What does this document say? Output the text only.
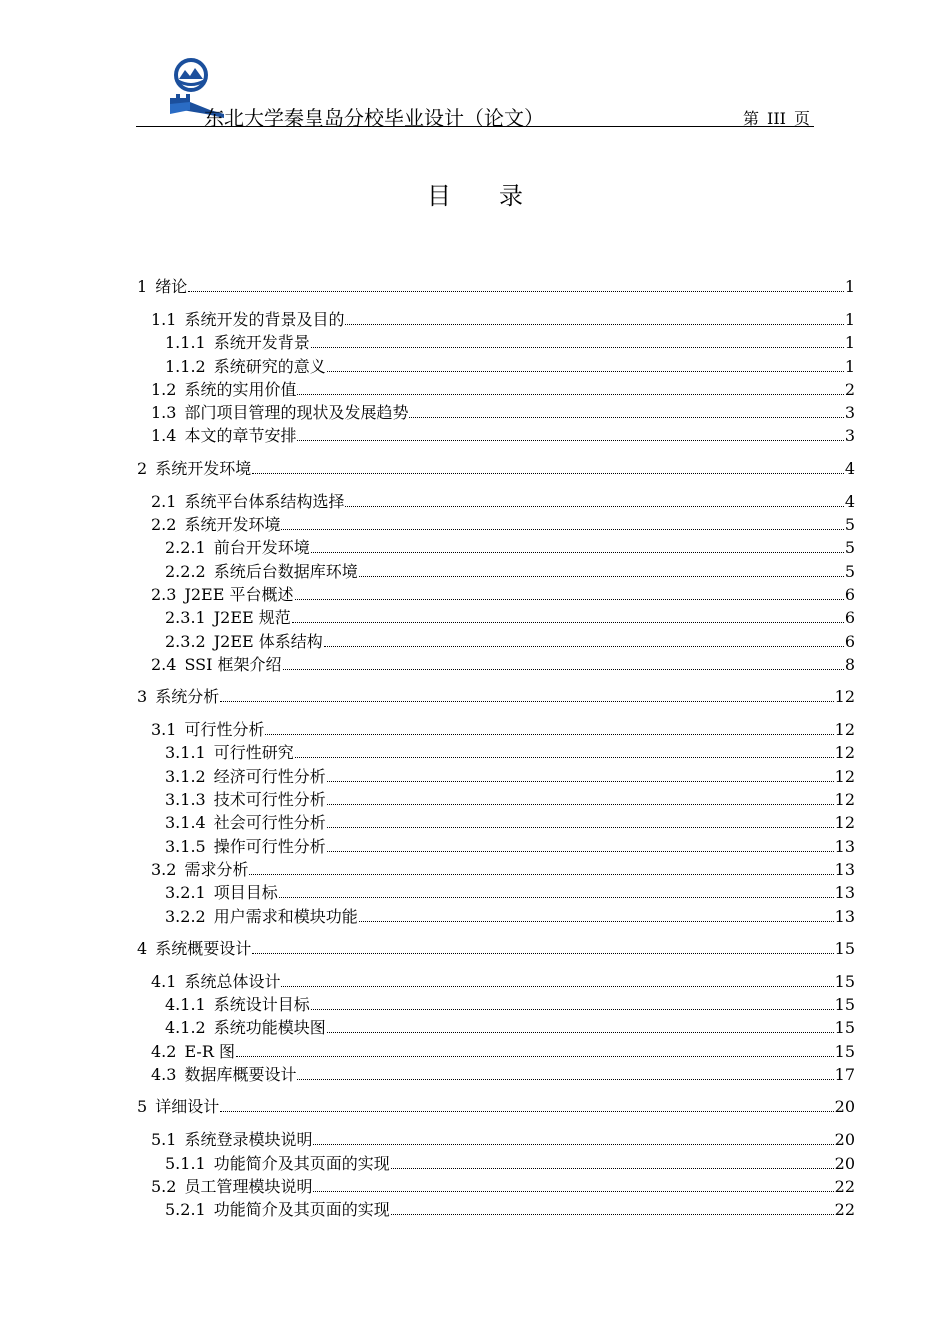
东北大学秦皇岛分校毕业设计（论文）	第 III 页
目录
1 绪论	1
1.1 系统开发的背景及目的	1
1.1.1 系统开发背景	1
1.1.2 系统研究的意义	1
1.2 系统的实用价值	2
1.3 部门项目管理的现状及发展趋势	3
1.4 本文的章节安排	3
2 系统开发环境	4
2.1 系统平台体系结构选择	4
2.2 系统开发环境	5
2.2.1 前台开发环境	5
2.2.2 系统后台数据库环境	5
2.3 J2EE 平台概述	6
2.3.1 J2EE 规范	6
2.3.2 J2EE 体系结构	6
2.4 SSI 框架介绍	8
3 系统分析	12
3.1 可行性分析	12
3.1.1 可行性研究	12
3.1.2 经济可行性分析	12
3.1.3 技术可行性分析	12
3.1.4 社会可行性分析	12
3.1.5 操作可行性分析	13
3.2 需求分析	13
3.2.1 项目目标	13
3.2.2 用户需求和模块功能	13
4 系统概要设计	15
4.1 系统总体设计	15
4.1.1 系统设计目标	15
4.1.2 系统功能模块图	15
4.2 E-R 图	15
4.3 数据库概要设计	17
5 详细设计	20
5.1 系统登录模块说明	20
5.1.1 功能简介及其页面的实现	20
5.2 员工管理模块说明	22
5.2.1 功能简介及其页面的实现	22
